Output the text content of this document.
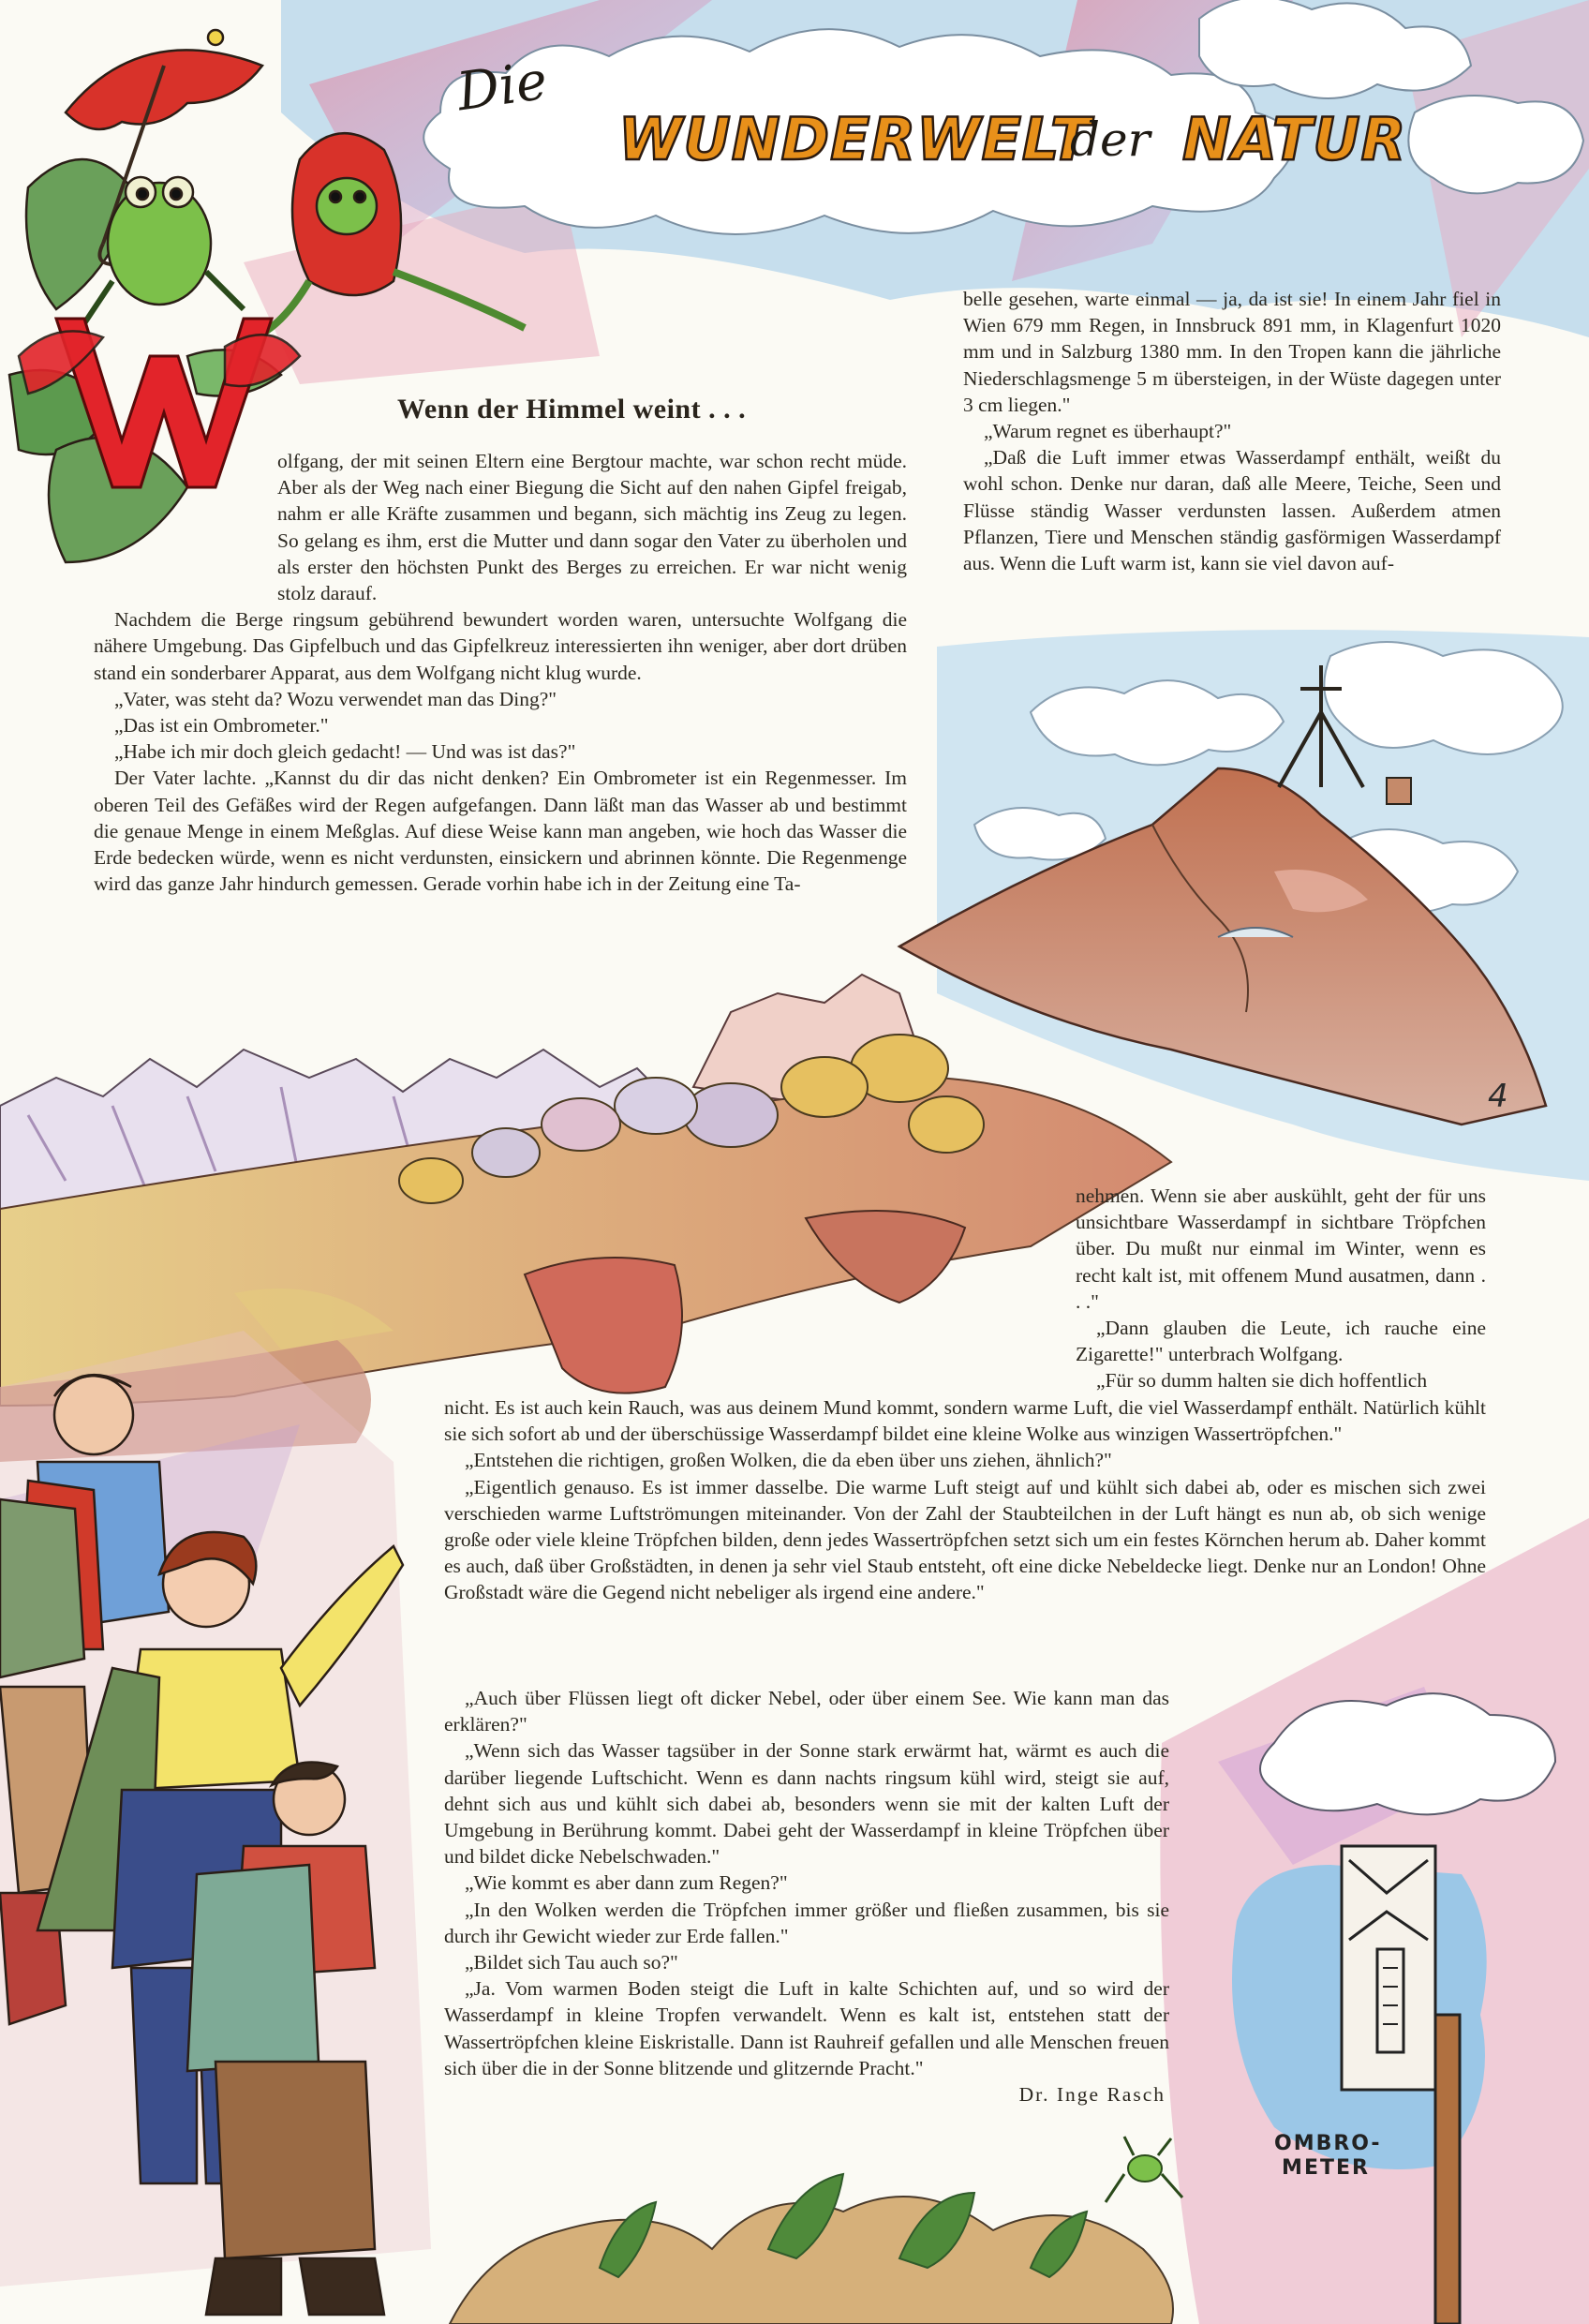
Die
WUNDERWELT
der NATUR
Wenn der Himmel weint . . .

olfgang, der mit seinen Eltern eine Bergtour machte, war schon recht müde. Aber als der Weg nach einer Biegung die Sicht auf den nahen Gipfel freigab, nahm er alle Kräfte zusammen und begann, sich mächtig ins Zeug zu legen. So gelang es ihm, erst die Mutter und dann sogar den Vater zu überholen und als erster den höchsten Punkt des Berges zu erreichen. Er war nicht wenig stolz darauf.

Nachdem die Berge ringsum gebührend bewundert worden waren, untersuchte Wolfgang die nähere Umgebung. Das Gipfelbuch und das Gipfelkreuz interessierten ihn weniger, aber dort drüben stand ein sonderbarer Apparat, aus dem Wolfgang nicht klug wurde.

„Vater, was steht da? Wozu verwendet man das Ding?"

„Das ist ein Ombrometer."

„Habe ich mir doch gleich gedacht! — Und was ist das?"

Der Vater lachte. „Kannst du dir das nicht denken? Ein Ombrometer ist ein Regenmesser. Im oberen Teil des Gefäßes wird der Regen aufgefangen. Dann läßt man das Wasser ab und bestimmt die genaue Menge in einem Meßglas. Auf diese Weise kann man angeben, wie hoch das Wasser die Erde bedecken würde, wenn es nicht verdunsten, einsickern und abrinnen könnte. Die Regenmenge wird das ganze Jahr hindurch gemessen. Gerade vorhin habe ich in der Zeitung eine Ta-

belle gesehen, warte einmal — ja, da ist sie! In einem Jahr fiel in Wien 679 mm Regen, in Innsbruck 891 mm, in Klagenfurt 1020 mm und in Salzburg 1380 mm. In den Tropen kann die jährliche Niederschlagsmenge 5 m übersteigen, in der Wüste dagegen unter 3 cm liegen."

„Warum regnet es überhaupt?"

„Daß die Luft immer etwas Wasserdampf enthält, weißt du wohl schon. Denke nur daran, daß alle Meere, Teiche, Seen und Flüsse ständig Wasser verdunsten lassen. Außerdem atmen Pflanzen, Tiere und Menschen ständig gasförmigen Wasserdampf aus. Wenn die Luft warm ist, kann sie viel davon auf-

nehmen. Wenn sie aber auskühlt, geht der für uns unsichtbare Wasserdampf in sichtbare Tröpfchen über. Du mußt nur einmal im Winter, wenn es recht kalt ist, mit offenem Mund ausatmen, dann . . ."

„Dann glauben die Leute, ich rauche eine Zigarette!" unterbrach Wolfgang.

„Für so dumm halten sie dich hoffentlich

nicht. Es ist auch kein Rauch, was aus deinem Mund kommt, sondern warme Luft, die viel Wasserdampf enthält. Natürlich kühlt sie sich sofort ab und der überschüssige Wasserdampf bildet eine kleine Wolke aus winzigen Wassertröpfchen."

„Entstehen die richtigen, großen Wolken, die da eben über uns ziehen, ähnlich?"

„Eigentlich genauso. Es ist immer dasselbe. Die warme Luft steigt auf und kühlt sich dabei ab, oder es mischen sich zwei verschieden warme Luftströmungen miteinander. Von der Zahl der Staubteilchen in der Luft hängt es nun ab, ob sich wenige große oder viele kleine Tröpfchen bilden, denn jedes Wassertröpfchen setzt sich um ein festes Körnchen herum ab. Daher kommt es auch, daß über Großstädten, in denen ja sehr viel Staub entsteht, oft eine dicke Nebeldecke liegt. Denke nur an London! Ohne Großstadt wäre die Gegend nicht nebeliger als irgend eine andere."

„Auch über Flüssen liegt oft dicker Nebel, oder über einem See. Wie kann man das erklären?"

„Wenn sich das Wasser tagsüber in der Sonne stark erwärmt hat, wärmt es auch die darüber liegende Luftschicht. Wenn es dann nachts ringsum kühl wird, steigt sie auf, dehnt sich aus und kühlt sich dabei ab, besonders wenn sie mit der kalten Luft der Umgebung in Berührung kommt. Dabei geht der Wasserdampf in kleine Tröpfchen über und bildet dicke Nebelschwaden."

„Wie kommt es aber dann zum Regen?"

„In den Wolken werden die Tröpfchen immer größer und fließen zusammen, bis sie durch ihr Gewicht wieder zur Erde fallen."

„Bildet sich Tau auch so?"

„Ja. Vom warmen Boden steigt die Luft in kalte Schichten auf, und so wird der Wasserdampf in kleine Tropfen verwandelt. Wenn es kalt ist, entstehen statt der Wassertröpfchen kleine Eiskristalle. Dann ist Rauhreif gefallen und alle Menschen freuen sich über die in der Sonne blitzende und glitzernde Pracht."

Dr. Inge Rasch

OMBRO-
METER
4
